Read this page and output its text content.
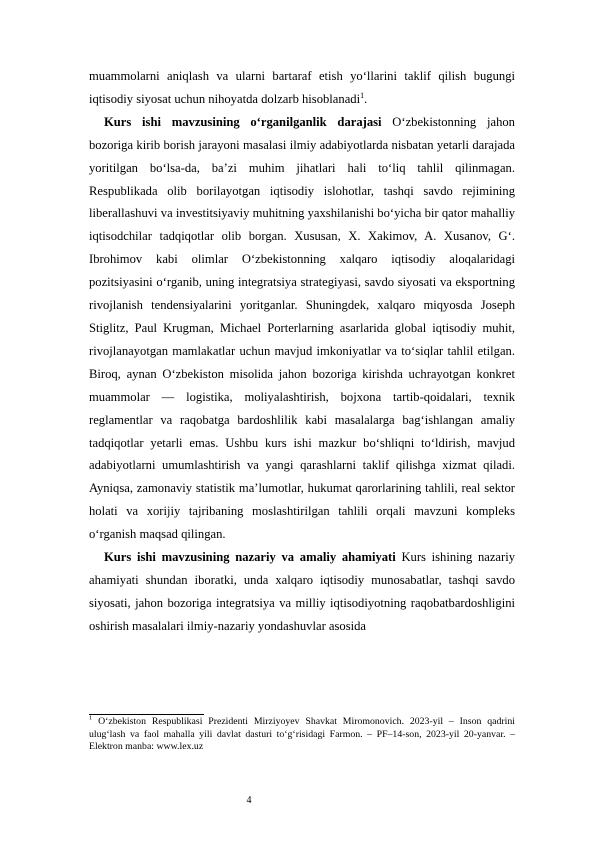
muammolarni aniqlash va ularni bartaraf etish yo‘llarini taklif qilish bugungi iqtisodiy siyosat uchun nihoyatda dolzarb hisoblanadi$^1$.

Kurs ishi mavzusining o‘rganilganlik darajasi O‘zbekistonning jahon bozoriga kirib borish jarayoni masalasi ilmiy adabiyotlarda nisbatan yetarli darajada yoritilgan bo‘lsa-da, ba’zi muhim jihatlari hali to‘liq tahlil qilinmagan. Respublikada olib borilayotgan iqtisodiy islohotlar, tashqi savdo rejimining liberallashuvi va investitsiyaviy muhitning yaxshilanishi bo‘yicha bir qator mahalliy iqtisodchilar tadqiqotlar olib borgan. Xususan, X. Xakimov, A. Xusanov, G‘. Ibrohimov kabi olimlar O‘zbekistonning xalqaro iqtisodiy aloqalaridagi pozitsiyasini o‘rganib, uning integratsiya strategiyasi, savdo siyosati va eksportning rivojlanish tendensiyalarini yoritganlar. Shuningdek, xalqaro miqyosda Joseph Stiglitz, Paul Krugman, Michael Porterlarning asarlarida global iqtisodiy muhit, rivojlanayotgan mamlakatlar uchun mavjud imkoniyatlar va to‘siqlar tahlil etilgan. Biroq, aynan O‘zbekiston misolida jahon bozoriga kirishda uchrayotgan konkret muammolar — logistika, moliyalashtirish, bojxona tartib-qoidalari, texnik reglamentlar va raqobatga bardoshlilik kabi masalalarga bag‘ishlangan amaliy tadqiqotlar yetarli emas. Ushbu kurs ishi mazkur bo‘shliqni to‘ldirish, mavjud adabiyotlarni umumlashtirish va yangi qarashlarni taklif qilishga xizmat qiladi. Ayniqsa, zamonaviy statistik ma’lumotlar, hukumat qarorlarining tahlili, real sektor holati va xorijiy tajribaning moslashtirilgan tahlili orqali mavzuni kompleks o‘rganish maqsad qilingan.

Kurs ishi mavzusining nazariy va amaliy ahamiyati Kurs ishining nazariy ahamiyati shundan iboratki, unda xalqaro iqtisodiy munosabatlar, tashqi savdo siyosati, jahon bozoriga integratsiya va milliy iqtisodiyotning raqobatbardoshligini oshirish masalalari ilmiy-nazariy yondashuvlar asosida

$^1$ O‘zbekiston Respublikasi Prezidenti Mirziyoyev Shavkat Miromonovich. 2023-yil – Inson qadrini ulug‘lash va faol mahalla yili davlat dasturi to‘g‘risidagi Farmon. – PF–14-son, 2023-yil 20-yanvar. – Elektron manba: www.lex.uz

4
